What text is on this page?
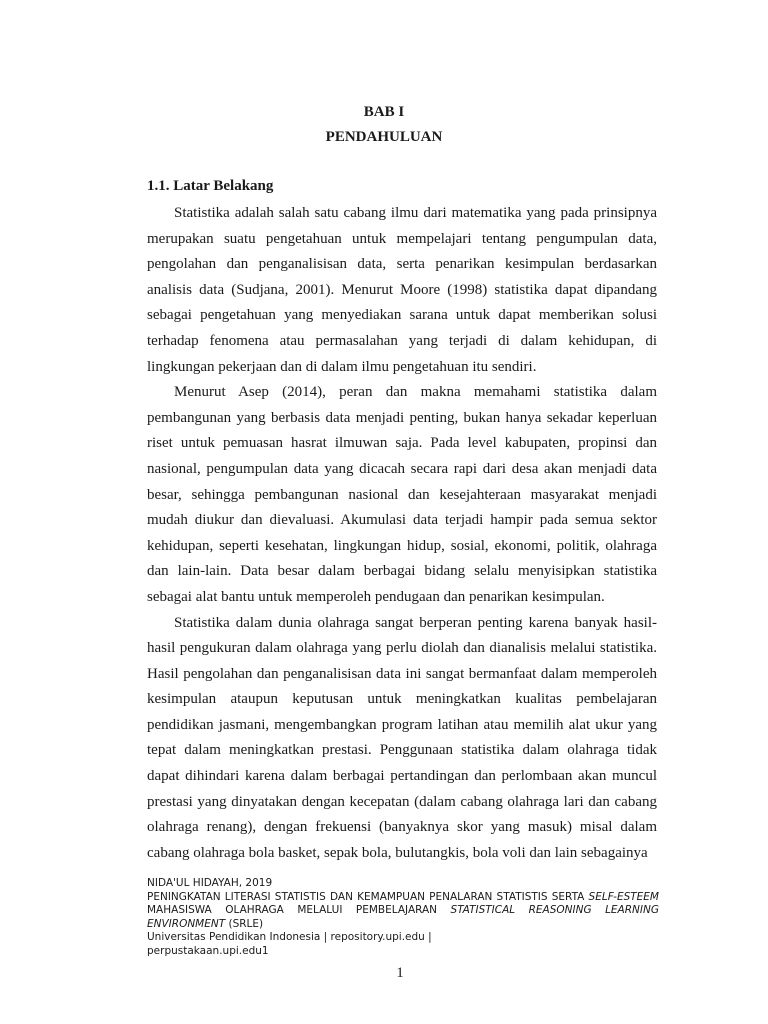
BAB I
PENDAHULUAN
1.1. Latar Belakang

Statistika adalah salah satu cabang ilmu dari matematika yang pada prinsipnya merupakan suatu pengetahuan untuk mempelajari tentang pengumpulan data, pengolahan dan penganalisisan data, serta penarikan kesimpulan berdasarkan analisis data (Sudjana, 2001). Menurut Moore (1998) statistika dapat dipandang sebagai pengetahuan yang menyediakan sarana untuk dapat memberikan solusi terhadap fenomena atau permasalahan yang terjadi di dalam kehidupan, di lingkungan pekerjaan dan di dalam ilmu pengetahuan itu sendiri.

Menurut Asep (2014), peran dan makna memahami statistika dalam pembangunan yang berbasis data menjadi penting, bukan hanya sekadar keperluan riset untuk pemuasan hasrat ilmuwan saja. Pada level kabupaten, propinsi dan nasional, pengumpulan data yang dicacah secara rapi dari desa akan menjadi data besar, sehingga pembangunan nasional dan kesejahteraan masyarakat menjadi mudah diukur dan dievaluasi. Akumulasi data terjadi hampir pada semua sektor kehidupan, seperti kesehatan, lingkungan hidup, sosial, ekonomi, politik, olahraga dan lain-lain. Data besar dalam berbagai bidang selalu menyisipkan statistika sebagai alat bantu untuk memperoleh pendugaan dan penarikan kesimpulan.

Statistika dalam dunia olahraga sangat berperan penting karena banyak hasil-hasil pengukuran dalam olahraga yang perlu diolah dan dianalisis melalui statistika. Hasil pengolahan dan penganalisisan data ini sangat bermanfaat dalam memperoleh kesimpulan ataupun keputusan untuk meningkatkan kualitas pembelajaran pendidikan jasmani, mengembangkan program latihan atau memilih alat ukur yang tepat dalam meningkatkan prestasi. Penggunaan statistika dalam olahraga tidak dapat dihindari karena dalam berbagai pertandingan dan perlombaan akan muncul prestasi yang dinyatakan dengan kecepatan (dalam cabang olahraga lari dan cabang olahraga renang), dengan frekuensi (banyaknya skor yang masuk) misal dalam cabang olahraga bola basket, sepak bola, bulutangkis, bola voli dan lain sebagainya

NIDA'UL HIDAYAH, 2019
PENINGKATAN LITERASI STATISTIS DAN KEMAMPUAN PENALARAN STATISTIS SERTA SELF-ESTEEM MAHASISWA OLAHRAGA MELALUI PEMBELAJARAN STATISTICAL REASONING LEARNING ENVIRONMENT (SRLE)
Universitas Pendidikan Indonesia | repository.upi.edu |
perpustakaan.upi.edu1
1
